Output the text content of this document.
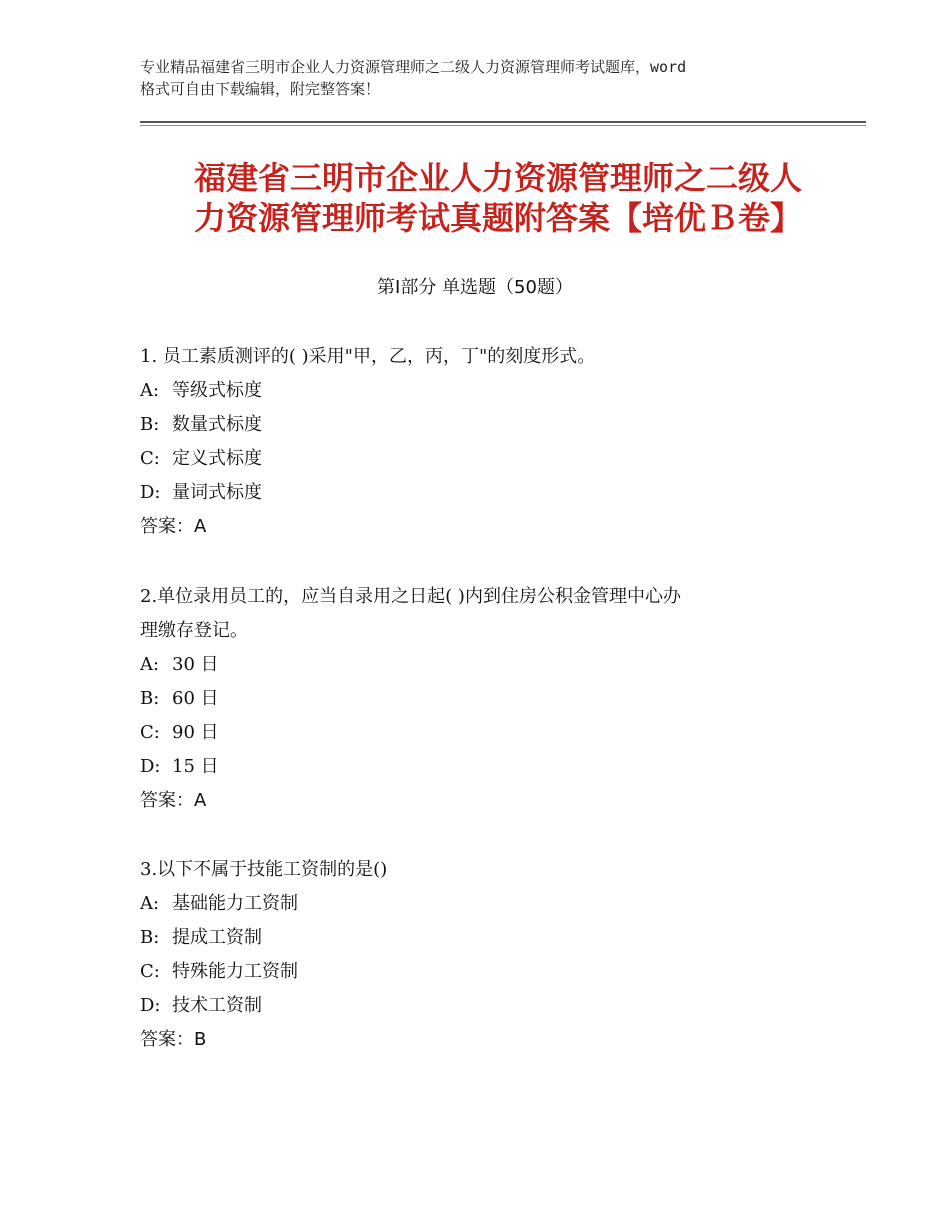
专业精品福建省三明市企业人力资源管理师之二级人力资源管理师考试题库，word
格式可自由下载编辑，附完整答案！
福建省三明市企业人力资源管理师之二级人
力资源管理师考试真题附答案【培优Ｂ卷】
第Ⅰ部分 单选题（50题）
1. 员工素质测评的( )采用"甲，乙，丙，丁"的刻度形式。
A: 等级式标度
B: 数量式标度
C: 定义式标度
D: 量词式标度
答案：A
2.单位录用员工的，应当自录用之日起( )内到住房公积金管理中心办
理缴存登记。
A: 30 日
B: 60 日
C: 90 日
D: 15 日
答案：A
3.以下不属于技能工资制的是()
A: 基础能力工资制
B: 提成工资制
C: 特殊能力工资制
D: 技术工资制
答案：B
